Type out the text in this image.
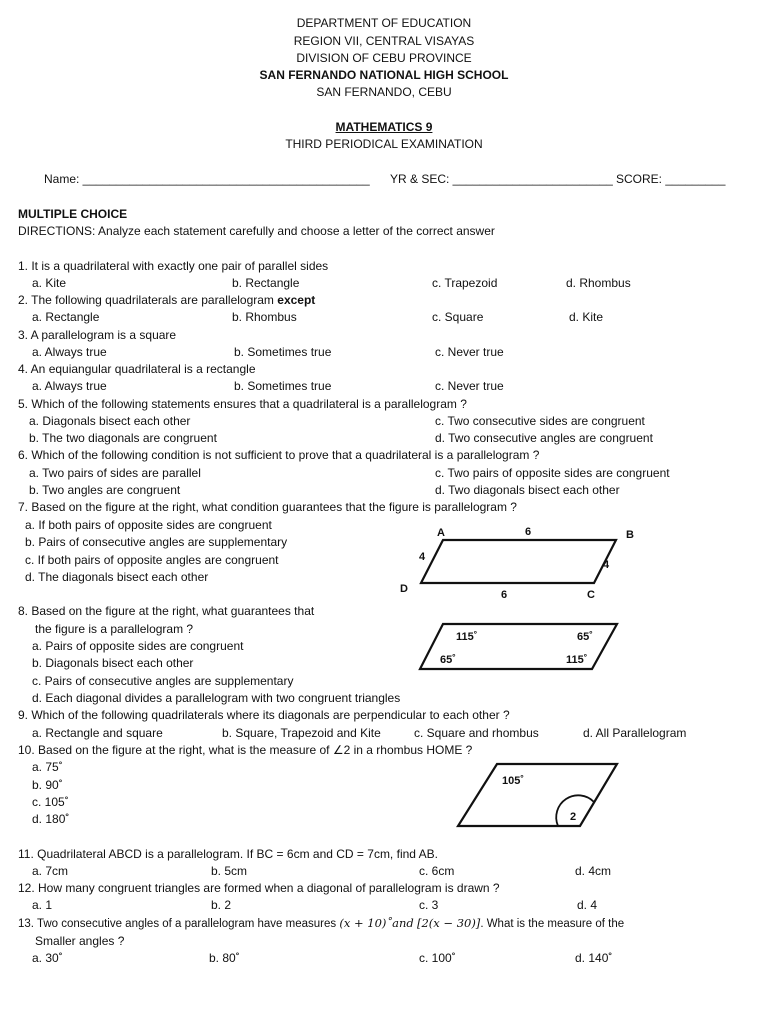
DEPARTMENT OF EDUCATION
REGION VII, CENTRAL VISAYAS
DIVISION OF CEBU PROVINCE
SAN FERNANDO NATIONAL HIGH SCHOOL
SAN FERNANDO, CEBU
MATHEMATICS 9
THIRD PERIODICAL EXAMINATION
Name: ___________________________________________ YR & SEC: ________________________ SCORE: _________
MULTIPLE CHOICE
DIRECTIONS: Analyze each statement carefully and choose a letter of the correct answer
1. It is a quadrilateral with exactly one pair of parallel sides
a. Kite	b. Rectangle	c. Trapezoid	d. Rhombus
2. The following quadrilaterals are parallelogram except
a. Rectangle	b. Rhombus	c. Square	d. Kite
3. A parallelogram is a square
a. Always true	b. Sometimes true	c. Never true
4. An equiangular quadrilateral is a rectangle
a. Always true	b. Sometimes true	c. Never true
5. Which of the following statements ensures that a quadrilateral is a parallelogram ?
a. Diagonals bisect each other	c. Two consecutive sides are congruent
b. The two diagonals are congruent	d. Two consecutive angles are congruent
6. Which of the following condition is not sufficient to prove that a quadrilateral is a parallelogram ?
a. Two pairs of sides are parallel	c. Two pairs of opposite sides are congruent
b. Two angles are congruent	d. Two diagonals bisect each other
7. Based on the figure at the right, what condition guarantees that the figure is parallelogram ?
a. If both pairs of opposite sides are congruent
b. Pairs of consecutive angles are supplementary
c. If both pairs of opposite angles are congruent
d. The diagonals bisect each other
A	B
C
D
6
6
4
4
8. Based on the figure at the right, what guarantees that
the figure is a parallelogram ?
a. Pairs of opposite sides are congruent
b. Diagonals bisect each other
c. Pairs of consecutive angles are supplementary
d. Each diagonal divides a parallelogram with two congruent triangles
115˚	65˚
65˚	115˚
9. Which of the following quadrilaterals where its diagonals are perpendicular to each other ?
a. Rectangle and square	b. Square, Trapezoid and Kite	c. Square and rhombus	d. All Parallelogram
10. Based on the figure at the right, what is the measure of ∠2 in a rhombus HOME ?
a. 75˚
b. 90˚
c. 105˚
d. 180˚
105˚
2
11. Quadrilateral ABCD is a parallelogram. If BC = 6cm and CD = 7cm, find AB.
a. 7cm	b. 5cm	c. 6cm	d. 4cm
12. How many congruent triangles are formed when a diagonal of parallelogram is drawn ?
a. 1	b. 2	c. 3	d. 4
13. Two consecutive angles of a parallelogram have measures (x + 10)˚and [2(x − 30)]. What is the measure of the
Smaller angles ?
a. 30˚	b. 80˚	c. 100˚	d. 140˚
